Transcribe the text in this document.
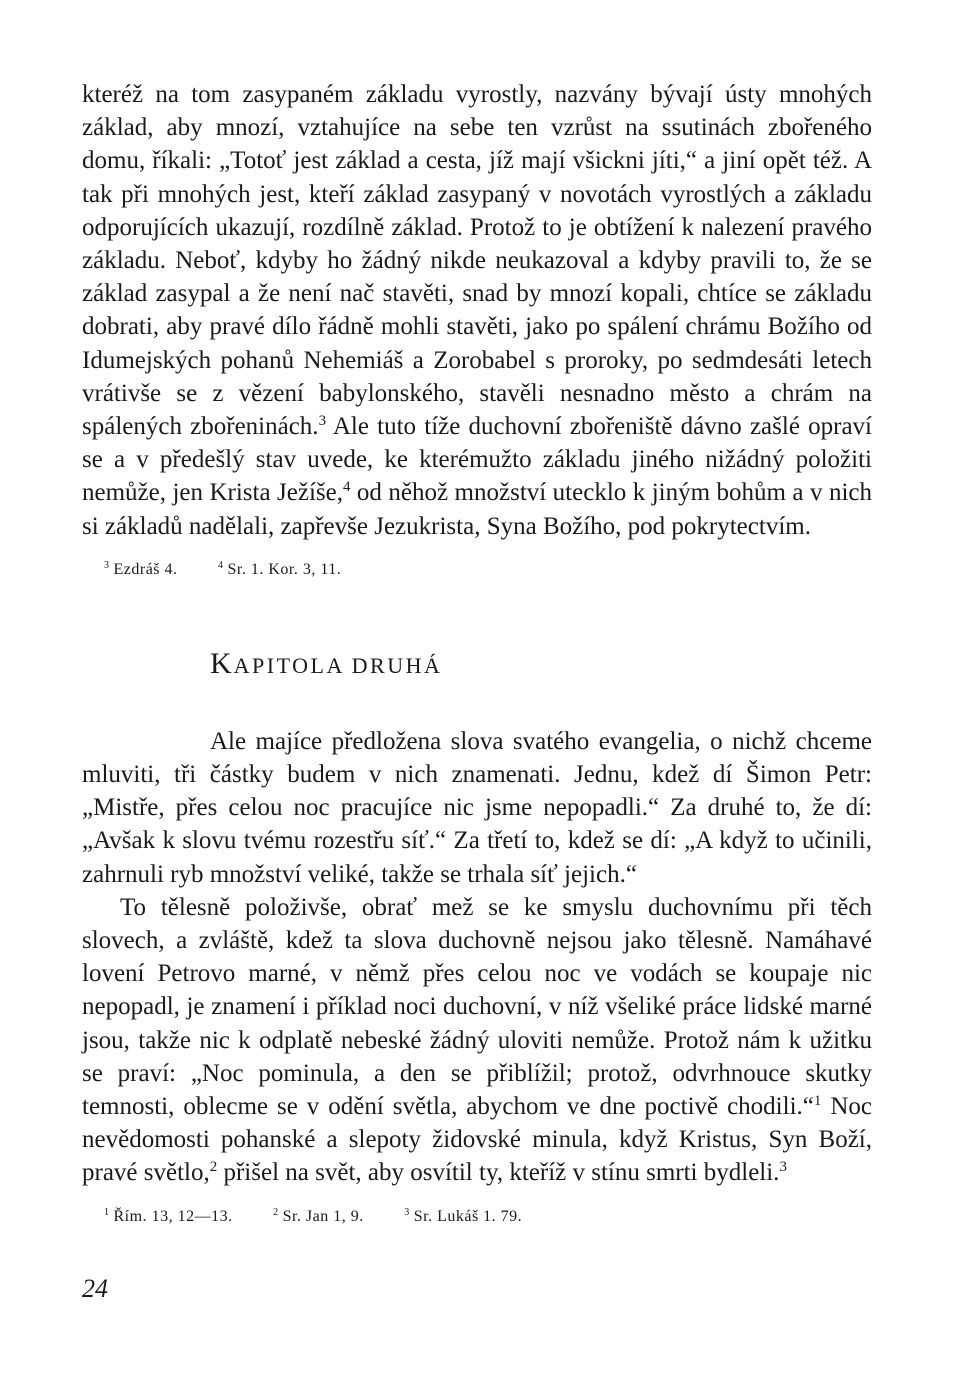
kteréž na tom zasypaném základu vyrostly, nazvány bývají ústy mnohých základ, aby mnozí, vztahujíce na sebe ten vzrůst na ssutinách zbořeného domu, říkali: „Totoť jest základ a cesta, jíž mají všickni jíti,“ a jiní opět též. A tak při mnohých jest, kteří základ zasypaný v novotách vyrostlých a základu odporujících ukazují, rozdílně základ. Protož to je obtížení k nalezení pravého základu. Neboť, kdyby ho žádný nikde neukazoval a kdyby pravili to, že se základ zasypal a že není nač stavěti, snad by mnozí kopali, chtíce se základu dobrati, aby pravé dílo řádně mohli stavěti, jako po spálení chrámu Božího od Idumejských pohanů Nehemiáš a Zorobabel s proroky, po sedmdesáti letech vrátivše se z vězení babylonského, stavěli nesnadno město a chrám na spálených zbořeninách.$^3$ Ale tuto tíže duchovní zbořeniště dávno zašlé opraví se a v předešlý stav uvede, ke kterémužto základu jiného nižádný položiti nemůže, jen Krista Ježíše,$^4$ od něhož množství utecklo k jiným bohům a v nich si základů nadělali, zapřevše Jezukrista, Syna Božího, pod pokrytectvím.

$^3$ Ezdráš 4.	$^4$ Sr. 1. Kor. 3, 11.
KAPITOLA DRUHÁ

Ale majíce předložena slova svatého evangelia, o nichž chceme mluviti, tři částky budem v nich znamenati. Jednu, kdež dí Šimon Petr: „Mistře, přes celou noc pracujíce nic jsme nepopadli.“ Za druhé to, že dí: „Avšak k slovu tvému rozestřu síť.“ Za třetí to, kdež se dí: „A když to učinili, zahrnuli ryb množství veliké, takže se trhala síť jejich.“

To tělesně položivše, obrať mež se ke smyslu duchovnímu při těch slovech, a zvláště, kdež ta slova duchovně nejsou jako tělesně. Namáhavé lovení Petrovo marné, v němž přes celou noc ve vodách se koupaje nic nepopadl, je znamení i příklad noci duchovní, v níž všeliké práce lidské marné jsou, takže nic k odplatě nebeské žádný uloviti nemůže. Protož nám k užitku se praví: „Noc pominula, a den se přiblížil; protož, odvrhnouce skutky temnosti, oblecme se v odění světla, abychom ve dne poctivě chodili.“$^1$ Noc nevědomosti pohanské a slepoty židovské minula, když Kristus, Syn Boží, pravé světlo,$^2$ přišel na svět, aby osvítil ty, kteříž v stínu smrti bydleli.$^3$

$^1$ Řím. 13, 12—13.	$^2$ Sr. Jan 1, 9.	$^3$ Sr. Lukáš 1. 79.
24
